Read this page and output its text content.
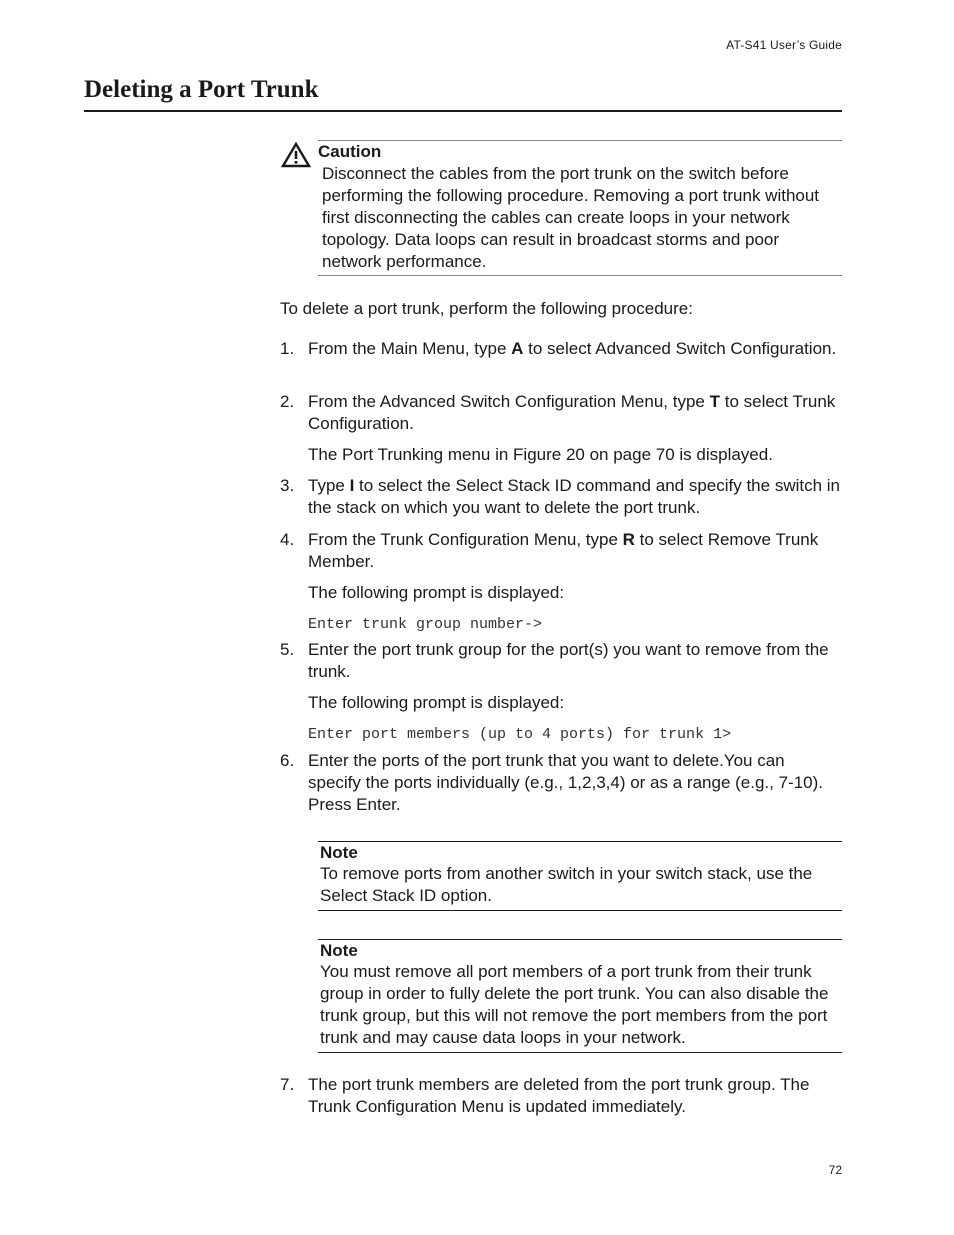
AT-S41 User’s Guide
Deleting a Port Trunk
Caution
Disconnect the cables from the port trunk on the switch before performing the following procedure. Removing a port trunk without first disconnecting the cables can create loops in your network topology. Data loops can result in broadcast storms and poor network performance.
To delete a port trunk, perform the following procedure:
1. From the Main Menu, type A to select Advanced Switch Configuration.
2. From the Advanced Switch Configuration Menu, type T to select Trunk Configuration.
The Port Trunking menu in Figure 20 on page 70 is displayed.
3. Type I to select the Select Stack ID command and specify the switch in the stack on which you want to delete the port trunk.
4. From the Trunk Configuration Menu, type R to select Remove Trunk Member.
The following prompt is displayed:
Enter trunk group number->
5. Enter the port trunk group for the port(s) you want to remove from the trunk.
The following prompt is displayed:
Enter port members (up to 4 ports) for trunk 1>
6. Enter the ports of the port trunk that you want to delete.You can specify the ports individually (e.g., 1,2,3,4) or as a range (e.g., 7-10). Press Enter.
Note
To remove ports from another switch in your switch stack, use the Select Stack ID option.
Note
You must remove all port members of a port trunk from their trunk group in order to fully delete the port trunk. You can also disable the trunk group, but this will not remove the port members from the port trunk and may cause data loops in your network.
7. The port trunk members are deleted from the port trunk group. The Trunk Configuration Menu is updated immediately.
72
